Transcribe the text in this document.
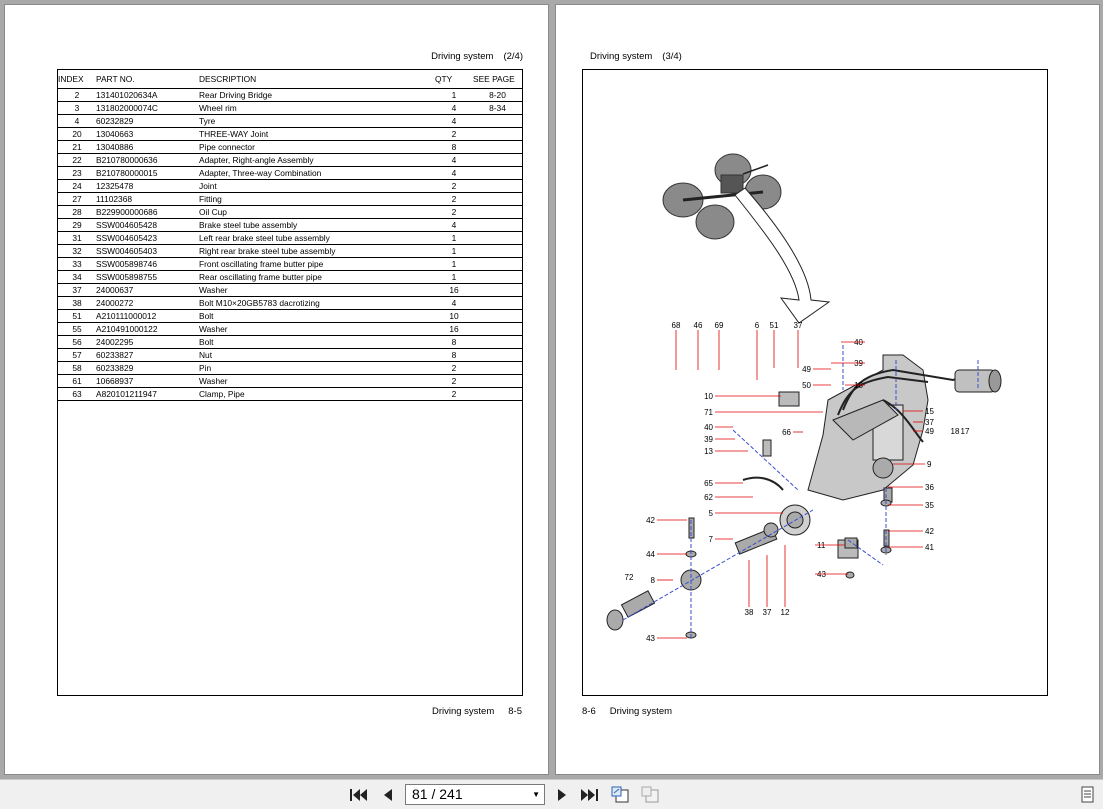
Driving system (2/4)
INDEX	PART NO.	DESCRIPTION	QTY	SEE PAGE
2	131401020634A	Rear Driving Bridge	1	8-20
3	131802000074C	Wheel rim	4	8-34
4	60232829	Tyre	4	
20	13040663	THREE-WAY Joint	2	
21	13040886	Pipe connector	8	
22	B210780000636	Adapter, Right-angle Assembly	4	
23	B210780000015	Adapter, Three-way Combination	4	
24	12325478	Joint	2	
27	11102368	Fitting	2	
28	B229900000686	Oil Cup	2	
29	SSW004605428	Brake steel tube assembly	4	
31	SSW004605423	Left rear brake steel tube assembly	1	
32	SSW004605403	Right rear brake steel tube assembly	1	
33	SSW005898746	Front oscillating frame butter pipe	1	
34	SSW005898755	Rear oscillating frame butter pipe	1	
37	24000637	Washer	16	
38	24000272	Bolt M10×20GB5783 dacrotizing	4	
51	A210111000012	Bolt	10	
55	A210491000122	Washer	16	
56	24002295	Bolt	8	
57	60233827	Nut	8	
58	60233829	Pin	2	
61	10668937	Washer	2	
63	A820101211947	Clamp, Pipe	2	
Driving system 8-5
Driving system (3/4)
68 46 69	6 51 37
40
39
49
50	18
10
71
40
39
13
66
65
62
5
42
7
44
72 8
43
15
37
49 18 17
9
36
35
42
41
11
43
38 37 12
8-6 Driving system
81 / 241	▼
